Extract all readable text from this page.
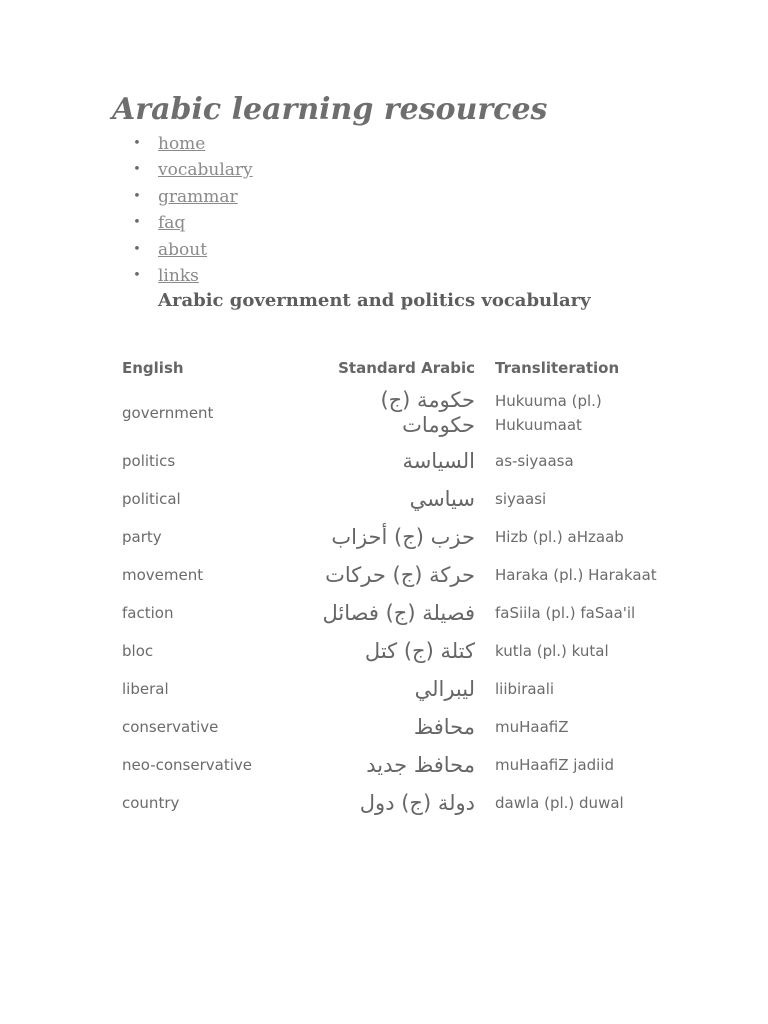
Arabic learning resources
• home
• vocabulary
• grammar
• faq
• about
• links
Arabic government and politics vocabulary
English	Standard Arabic	Transliteration
government	حكومة (ج) حكومات	Hukuuma (pl.) Hukuumaat
politics	السياسة	as-siyaasa
political	سياسي	siyaasi
party	حزب (ج) أحزاب	Hizb (pl.) aHzaab
movement	حركة (ج) حركات	Haraka (pl.) Harakaat
faction	فصيلة (ج) فصائل	faSiila (pl.) faSaa'il
bloc	كتلة (ج) كتل	kutla (pl.) kutal
liberal	ليبرالي	liibiraali
conservative	محافظ	muHaafiZ
neo-conservative	محافظ جديد	muHaafiZ jadiid
country	دولة (ج) دول	dawla (pl.) duwal
